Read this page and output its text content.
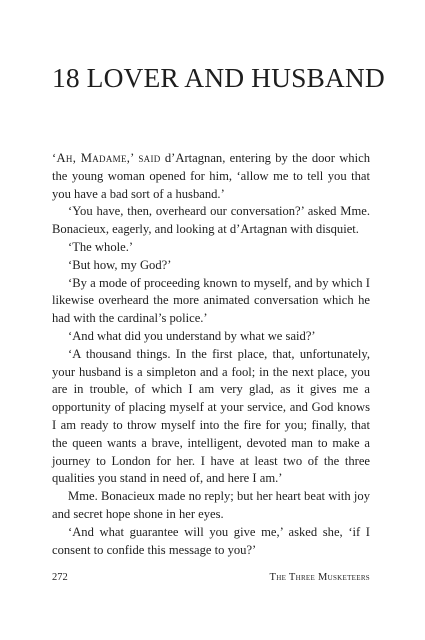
18 LOVER AND HUSBAND

‘Ah, Madame,’ said d’Artagnan, entering by the door which the young woman opened for him, ‘allow me to tell you that you have a bad sort of a husband.’

‘You have, then, overheard our conversation?’ asked Mme. Bonacieux, eagerly, and looking at d’Artagnan with disquiet.

‘The whole.’

‘But how, my God?’

‘By a mode of proceeding known to myself, and by which I likewise overheard the more animated conversation which he had with the cardinal’s police.’

‘And what did you understand by what we said?’

‘A thousand things. In the first place, that, unfortunately, your husband is a simpleton and a fool; in the next place, you are in trouble, of which I am very glad, as it gives me a opportunity of placing myself at your service, and God knows I am ready to throw myself into the fire for you; finally, that the queen wants a brave, intelligent, devoted man to make a journey to London for her. I have at least two of the three qualities you stand in need of, and here I am.’

Mme. Bonacieux made no reply; but her heart beat with joy and secret hope shone in her eyes.

‘And what guarantee will you give me,’ asked she, ‘if I consent to confide this message to you?’

272	The Three Musketeers
